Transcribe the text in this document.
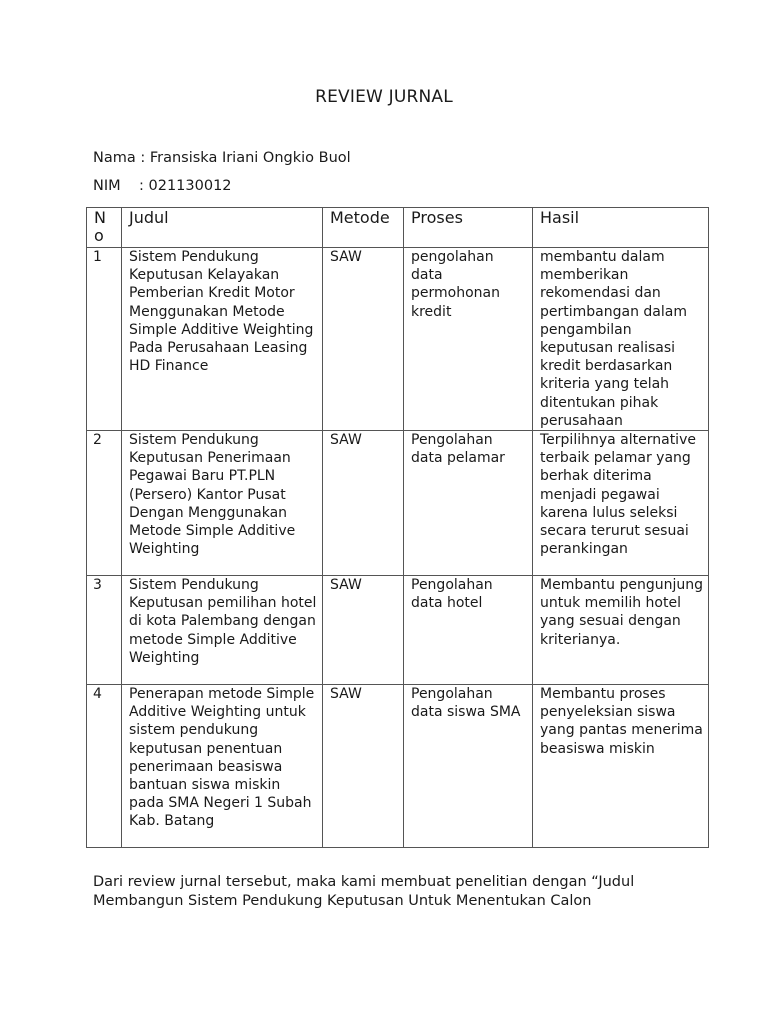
REVIEW JURNAL
Nama : Fransiska Iriani Ongkio Buol
NIM : 021130012
No	Judul	Metode	Proses	Hasil
1	Sistem Pendukung Keputusan Kelayakan Pemberian Kredit Motor Menggunakan Metode Simple Additive Weighting Pada Perusahaan Leasing HD Finance	SAW	pengolahan data permohonan kredit	membantu dalam memberikan rekomendasi dan pertimbangan dalam pengambilan keputusan realisasi kredit berdasarkan kriteria yang telah ditentukan pihak perusahaan
2	Sistem Pendukung Keputusan Penerimaan Pegawai Baru PT.PLN (Persero) Kantor Pusat Dengan Menggunakan Metode Simple Additive Weighting	SAW	Pengolahan data pelamar	Terpilihnya alternative terbaik pelamar yang berhak diterima menjadi pegawai karena lulus seleksi secara terurut sesuai perankingan
3	Sistem Pendukung Keputusan pemilihan hotel di kota Palembang dengan metode Simple Additive Weighting	SAW	Pengolahan data hotel	Membantu pengunjung untuk memilih hotel yang sesuai dengan kriterianya.
4	Penerapan metode Simple Additive Weighting untuk sistem pendukung keputusan penentuan penerimaan beasiswa bantuan siswa miskin pada SMA Negeri 1 Subah Kab. Batang	SAW	Pengolahan data siswa SMA	Membantu proses penyeleksian siswa yang pantas menerima beasiswa miskin
Dari review jurnal tersebut, maka kami membuat penelitian dengan “Judul Membangun Sistem Pendukung Keputusan Untuk Menentukan Calon
